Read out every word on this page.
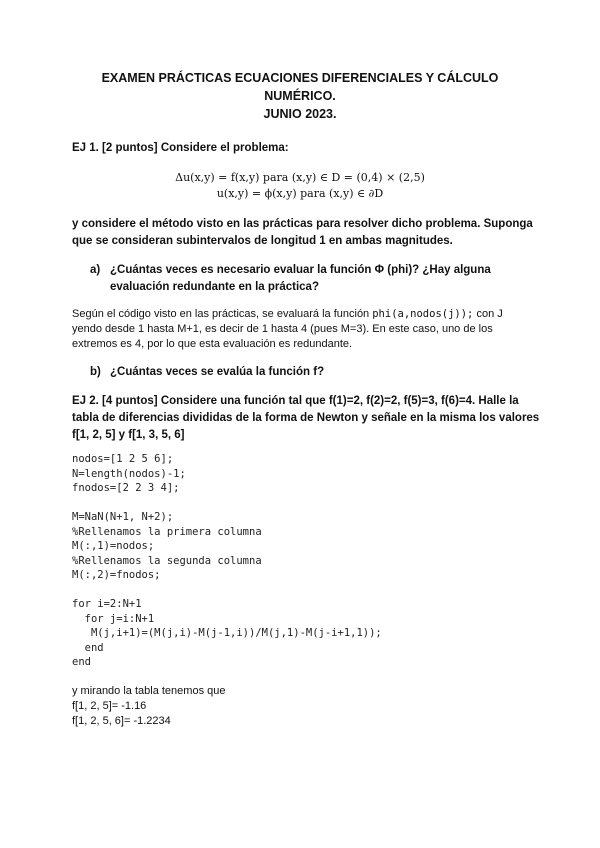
EXAMEN PRÁCTICAS ECUACIONES DIFERENCIALES Y CÁLCULO
NUMÉRICO.
JUNIO 2023.
EJ 1. [2 puntos] Considere el problema:
Δu(x,y) = f(x,y) para (x,y) ∈ D = (0,4) × (2,5)
u(x,y) = ϕ(x,y) para (x,y) ∈ ∂D
y considere el método visto en las prácticas para resolver dicho problema. Suponga
que se consideran subintervalos de longitud 1 en ambas magnitudes.
a) ¿Cuántas veces es necesario evaluar la función Φ (phi)? ¿Hay alguna
evaluación redundante en la práctica?
Según el código visto en las prácticas, se evaluará la función phi(a,nodos(j)); con J
yendo desde 1 hasta M+1, es decir de 1 hasta 4 (pues M=3). En este caso, uno de los
extremos es 4, por lo que esta evaluación es redundante.
b) ¿Cuántas veces se evalúa la función f?
EJ 2. [4 puntos] Considere una función tal que f(1)=2, f(2)=2, f(5)=3, f(6)=4. Halle la
tabla de diferencias divididas de la forma de Newton y señale en la misma los valores
f[1, 2, 5] y f[1, 3, 5, 6]
nodos=[1 2 5 6];
N=length(nodos)-1;
fnodos=[2 2 3 4];

M=NaN(N+1, N+2);
%Rellenamos la primera columna
M(:,1)=nodos;
%Rellenamos la segunda columna
M(:,2)=fnodos;

for i=2:N+1
for j=i:N+1
M(j,i+1)=(M(j,i)-M(j-1,i))/M(j,1)-M(j-i+1,1));
end
end
y mirando la tabla tenemos que
f[1, 2, 5]= -1.16
f[1, 2, 5, 6]= -1.2234
